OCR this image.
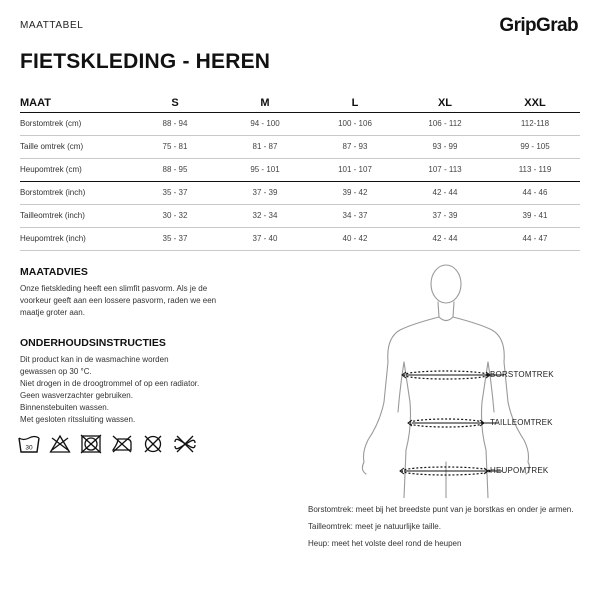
MAATTABEL	GripGrab
FIETSKLEDING - HEREN
MAAT	S	M	L	XL	XXL
Borstomtrek (cm)	88 - 94	94 - 100	100 - 106	106 - 112	112-118
Taille omtrek (cm)	75 - 81	81 - 87	87 - 93	93 - 99	99 - 105
Heupomtrek (cm)	88 - 95	95 - 101	101 - 107	107 - 113	113 - 119
Borstomtrek (inch)	35 - 37	37 - 39	39 - 42	42 - 44	44 - 46
Tailleomtrek (inch)	30 - 32	32 - 34	34 - 37	37 - 39	39 - 41
Heupomtrek (inch)	35 - 37	37 - 40	40 - 42	42 - 44	44 - 47
MAATADVIES
Onze fietskleding heeft een slimfit pasvorm. Als je de
voorkeur geeft aan een lossere pasvorm, raden we een
maatje groter aan.
ONDERHOUDSINSTRUCTIES
Dit product kan in de wasmachine worden
gewassen op 30 °C.
Niet drogen in de droogtrommel of op een radiator.
Geen wasverzachter gebruiken.
Binnenstebuiten wassen.
Met gesloten ritssluiting wassen.
30
BORSTOMTREK
TAILLEOMTREK
HEUPOMTREK

Borstomtrek: meet bij het breedste punt van je borstkas en onder je armen.

Tailleomtrek: meet je natuurlijke taille.

Heup: meet het volste deel rond de heupen
